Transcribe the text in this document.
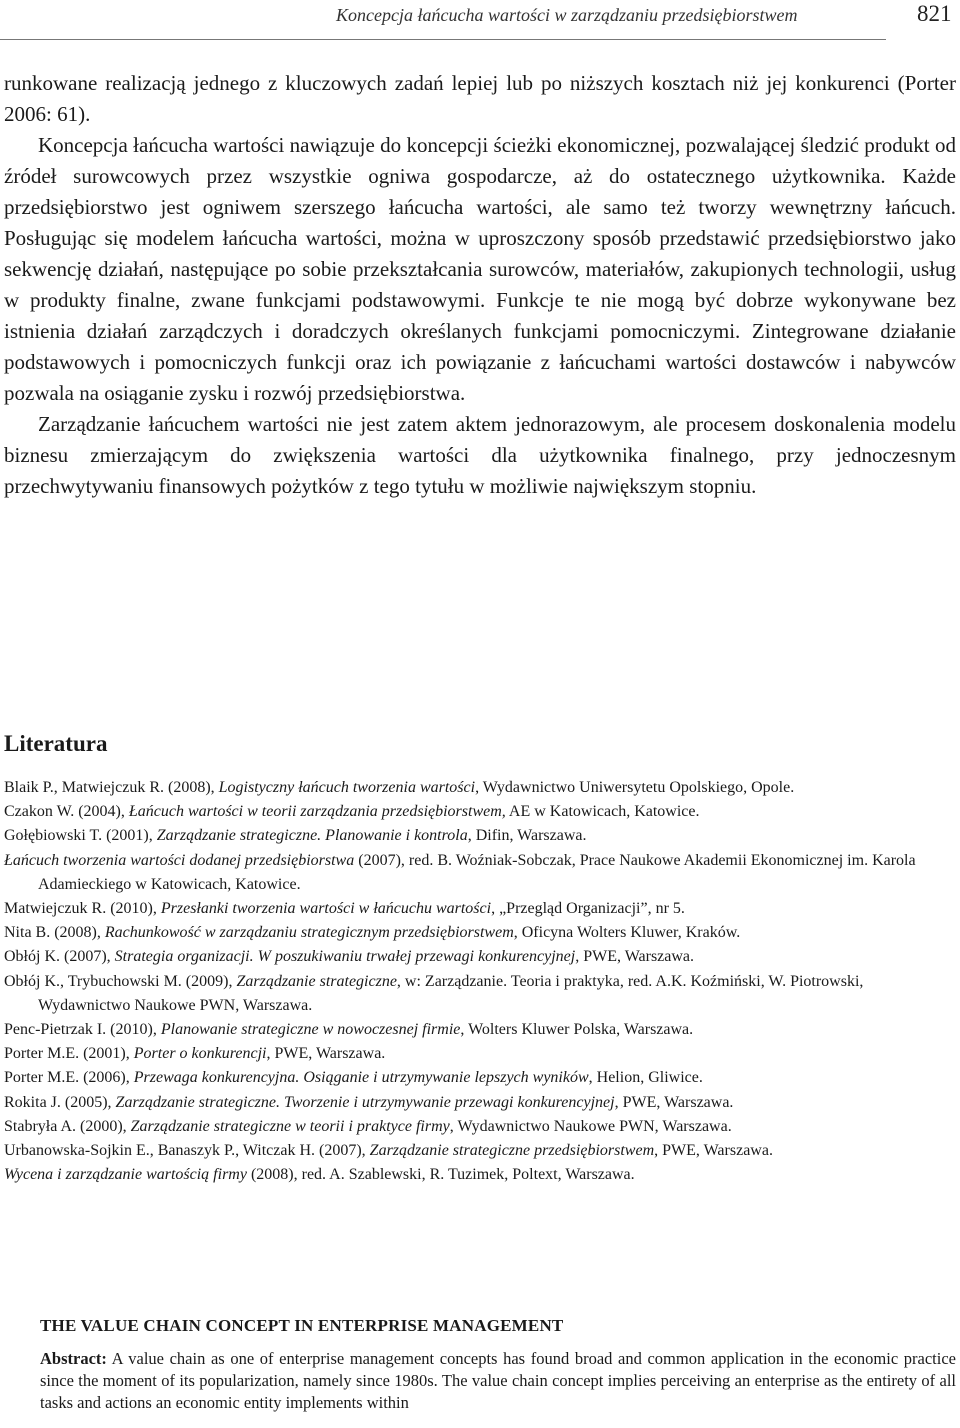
Koncepcja łańcucha wartości w zarządzaniu przedsiębiorstwem	821

runkowane realizacją jednego z kluczowych zadań lepiej lub po niższych kosztach niż jej konkurenci (Porter 2006: 61).

Koncepcja łańcucha wartości nawiązuje do koncepcji ścieżki ekonomicznej, pozwalającej śledzić produkt od źródeł surowcowych przez wszystkie ogniwa gospodarcze, aż do ostatecznego użytkownika. Każde przedsiębiorstwo jest ogniwem szerszego łańcucha wartości, ale samo też tworzy wewnętrzny łańcuch. Posługując się modelem łańcucha wartości, można w uproszczony sposób przedstawić przedsiębiorstwo jako sekwencję działań, następujące po sobie przekształcania surowców, materiałów, zakupionych technologii, usług w produkty finalne, zwane funkcjami podstawowymi. Funkcje te nie mogą być dobrze wykonywane bez istnienia działań zarządczych i doradczych określanych funkcjami pomocniczymi. Zintegrowane działanie podstawowych i pomocniczych funkcji oraz ich powiązanie z łańcuchami wartości dostawców i nabywców pozwala na osiąganie zysku i rozwój przedsiębiorstwa.

Zarządzanie łańcuchem wartości nie jest zatem aktem jednorazowym, ale procesem doskonalenia modelu biznesu zmierzającym do zwiększenia wartości dla użytkownika finalnego, przy jednoczesnym przechwytywaniu finansowych pożytków z tego tytułu w możliwie największym stopniu.

Literatura
Blaik P., Matwiejczuk R. (2008), Logistyczny łańcuch tworzenia wartości, Wydawnictwo Uniwersytetu Opolskiego, Opole.
Czakon W. (2004), Łańcuch wartości w teorii zarządzania przedsiębiorstwem, AE w Katowicach, Katowice.
Gołębiowski T. (2001), Zarządzanie strategiczne. Planowanie i kontrola, Difin, Warszawa.
Łańcuch tworzenia wartości dodanej przedsiębiorstwa (2007), red. B. Woźniak-Sobczak, Prace Naukowe Akademii Ekonomicznej im. Karola Adamieckiego w Katowicach, Katowice.
Matwiejczuk R. (2010), Przesłanki tworzenia wartości w łańcuchu wartości, „Przegląd Organizacji”, nr 5.
Nita B. (2008), Rachunkowość w zarządzaniu strategicznym przedsiębiorstwem, Oficyna Wolters Kluwer, Kraków.
Obłój K. (2007), Strategia organizacji. W poszukiwaniu trwałej przewagi konkurencyjnej, PWE, Warszawa.
Obłój K., Trybuchowski M. (2009), Zarządzanie strategiczne, w: Zarządzanie. Teoria i praktyka, red. A.K. Koźmiński, W. Piotrowski, Wydawnictwo Naukowe PWN, Warszawa.
Penc-Pietrzak I. (2010), Planowanie strategiczne w nowoczesnej firmie, Wolters Kluwer Polska, Warszawa.
Porter M.E. (2001), Porter o konkurencji, PWE, Warszawa.
Porter M.E. (2006), Przewaga konkurencyjna. Osiąganie i utrzymywanie lepszych wyników, Helion, Gliwice.
Rokita J. (2005), Zarządzanie strategiczne. Tworzenie i utrzymywanie przewagi konkurencyjnej, PWE, Warszawa.
Stabryła A. (2000), Zarządzanie strategiczne w teorii i praktyce firmy, Wydawnictwo Naukowe PWN, Warszawa.
Urbanowska-Sojkin E., Banaszyk P., Witczak H. (2007), Zarządzanie strategiczne przedsiębiorstwem, PWE, Warszawa.
Wycena i zarządzanie wartością firmy (2008), red. A. Szablewski, R. Tuzimek, Poltext, Warszawa.
THE VALUE CHAIN CONCEPT IN ENTERPRISE MANAGEMENT

Abstract: A value chain as one of enterprise management concepts has found broad and common application in the economic practice since the moment of its popularization, namely since 1980s. The value chain concept implies perceiving an enterprise as the entirety of all tasks and actions an economic entity implements within
